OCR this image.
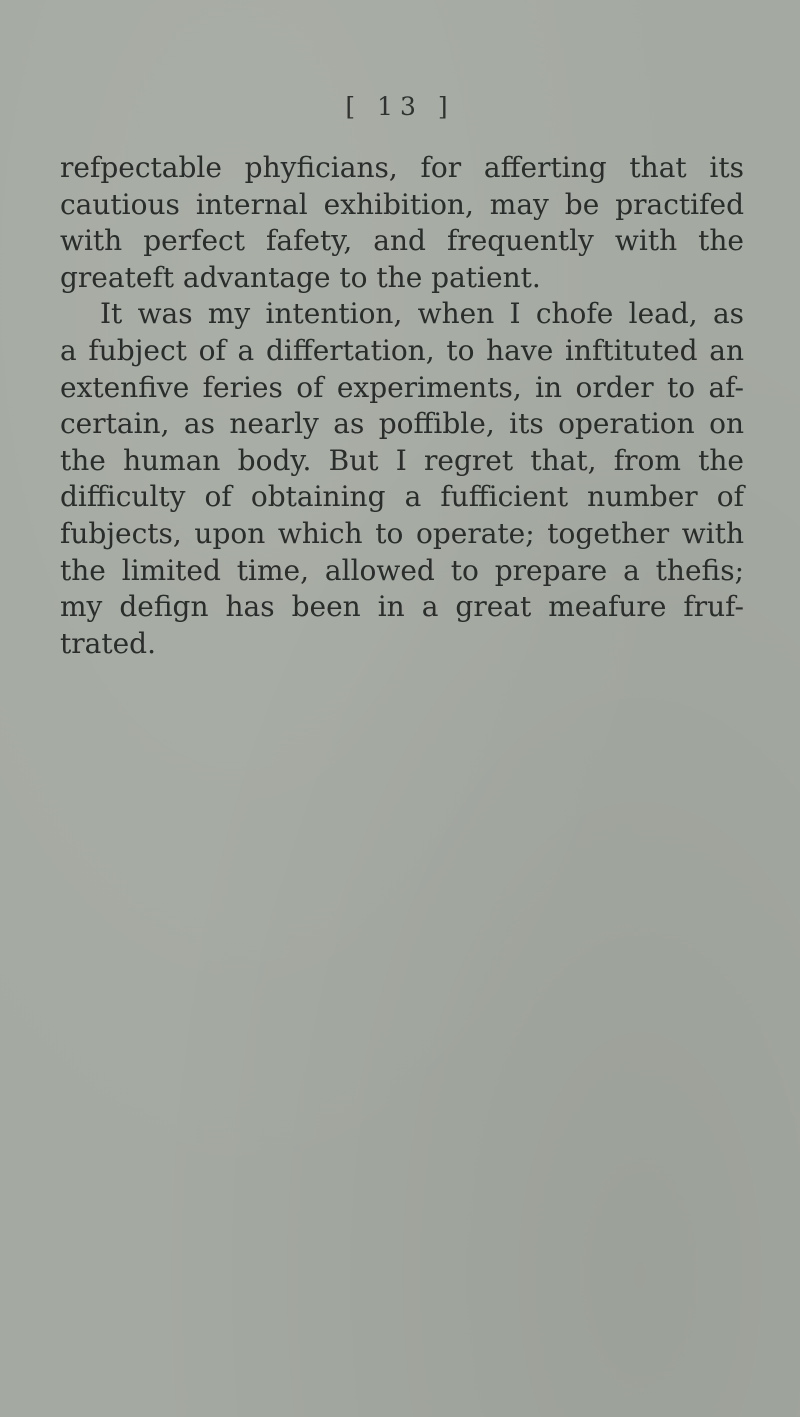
[ 13 ]
refpectable phyficians, for afferting that its
cautious internal exhibition, may be practifed
with perfect fafety, and frequently with the
greateft advantage to the patient.
It was my intention, when I chofe lead, as
a fubject of a differtation, to have inftituted an
extenfive feries of experiments, in order to af-
certain, as nearly as poffible, its operation on
the human body. But I regret that, from the
difficulty of obtaining a fufficient number of
fubjects, upon which to operate; together with
the limited time, allowed to prepare a thefis;
my defign has been in a great meafure fruf-
trated.
